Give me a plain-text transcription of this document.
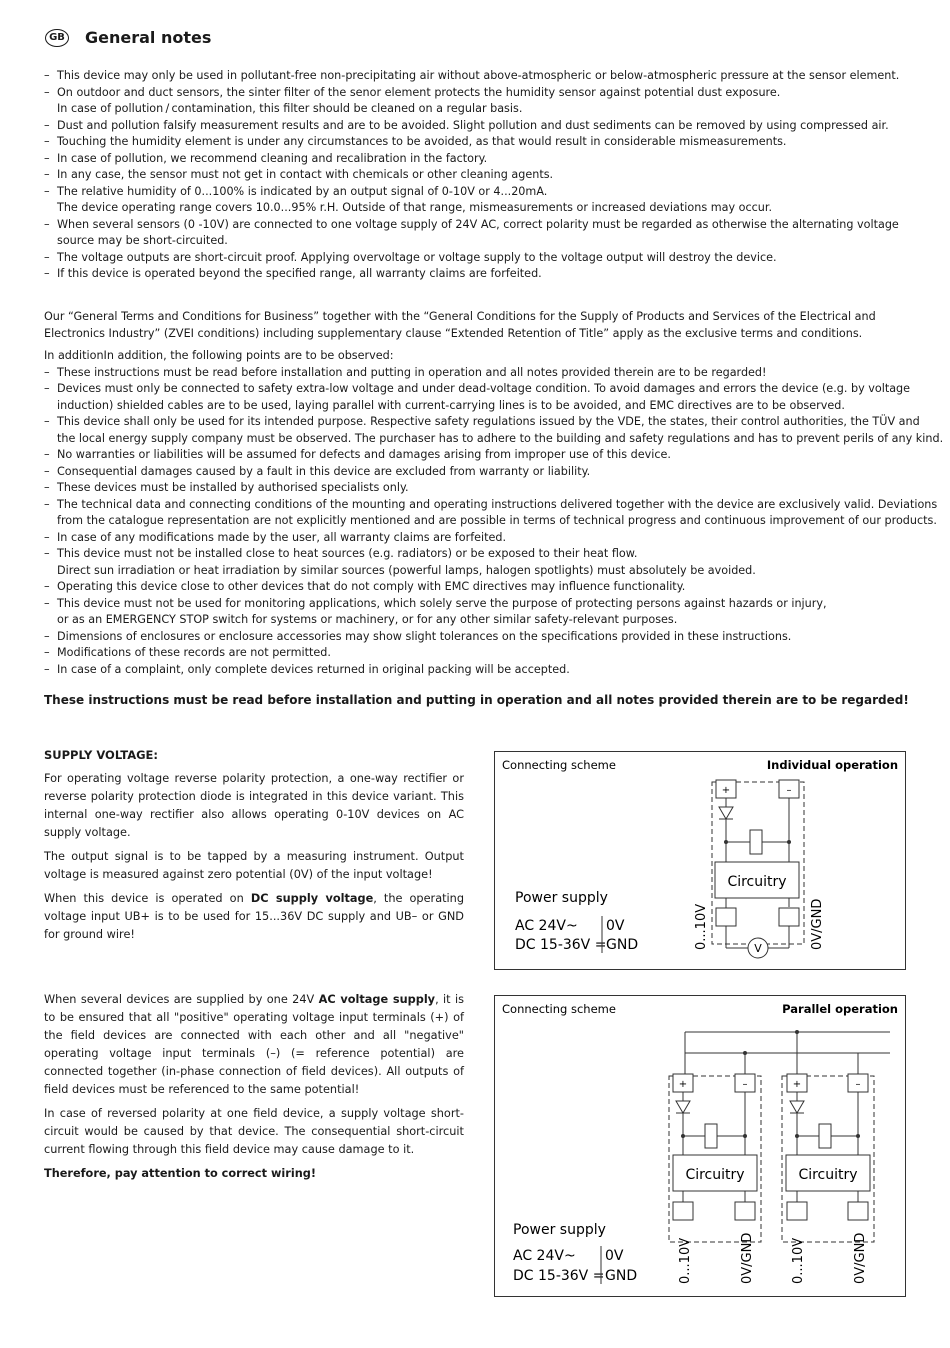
GB General notes
– This device may only be used in pollutant-free non-precipitating air without above-atmospheric or below-atmospheric pressure at the sensor element.
– On outdoor and duct sensors, the sinter filter of the senor element protects the humidity sensor against potential dust exposure.
In case of pollution / contamination, this filter should be cleaned on a regular basis.
– Dust and pollution falsify measurement results and are to be avoided. Slight pollution and dust sediments can be removed by using compressed air.
– Touching the humidity element is under any circumstances to be avoided, as that would result in considerable mismeasurements.
– In case of pollution, we recommend cleaning and recalibration in the factory.
– In any case, the sensor must not get in contact with chemicals or other cleaning agents.
– The relative humidity of 0...100% is indicated by an output signal of 0-10V or 4...20mA.
The device operating range covers 10.0...95% r.H. Outside of that range, mismeasurements or increased deviations may occur.
– When several sensors (0 -10V) are connected to one voltage supply of 24V AC, correct polarity must be regarded as otherwise the alternating voltage
source may be short-circuited.
– The voltage outputs are short-circuit proof. Applying overvoltage or voltage supply to the voltage output will destroy the device.
– If this device is operated beyond the specified range, all warranty claims are forfeited.
Our “General Terms and Conditions for Business” together with the “General Conditions for the Supply of Products and Services of the Electrical and
Electronics Industry” (ZVEI conditions) including supplementary clause “Extended Retention of Title” apply as the exclusive terms and conditions.
In additionIn addition, the following points are to be observed:
– These instructions must be read before installation and putting in operation and all notes provided therein are to be regarded!
– Devices must only be connected to safety extra-low voltage and under dead-voltage condition. To avoid damages and errors the device (e.g. by voltage
induction) shielded cables are to be used, laying parallel with current-carrying lines is to be avoided, and EMC directives are to be observed.
– This device shall only be used for its intended purpose. Respective safety regulations issued by the VDE, the states, their control authorities, the TÜV and
the local energy supply company must be observed. The purchaser has to adhere to the building and safety regulations and has to prevent perils of any kind.
– No warranties or liabilities will be assumed for defects and damages arising from improper use of this device.
– Consequential damages caused by a fault in this device are excluded from warranty or liability.
– These devices must be installed by authorised specialists only.
– The technical data and connecting conditions of the mounting and operating instructions delivered together with the device are exclusively valid. Deviations
from the catalogue representation are not explicitly mentioned and are possible in terms of technical progress and continuous improvement of our products.
– In case of any modifications made by the user, all warranty claims are forfeited.
– This device must not be installed close to heat sources (e.g. radiators) or be exposed to their heat flow.
Direct sun irradiation or heat irradiation by similar sources (powerful lamps, halogen spotlights) must absolutely be avoided.
– Operating this device close to other devices that do not comply with EMC directives may influence functionality.
– This device must not be used for monitoring applications, which solely serve the purpose of protecting persons against hazards or injury,
or as an EMERGENCY STOP switch for systems or machinery, or for any other similar safety-relevant purposes.
– Dimensions of enclosures or enclosure accessories may show slight tolerances on the specifications provided in these instructions.
– Modifications of these records are not permitted.
– In case of a complaint, only complete devices returned in original packing will be accepted.
These instructions must be read before installation and putting in operation and all notes provided therein are to be regarded!
SUPPLY VOLTAGE:

For operating voltage reverse polarity protection, a one-way rectifier or reverse polarity protection diode is integrated in this device variant. This internal one-way rectifier also allows operating 0-10V devices on AC supply voltage.

The output signal is to be tapped by a measuring instrument. Output voltage is measured against zero potential (0V) of the input voltage!

When this device is operated on DC supply voltage, the operating voltage input UB+ is to be used for 15...36V DC supply and UB– or GND for ground wire!

When several devices are supplied by one 24V AC voltage supply, it is to be ensured that all "positive" operating voltage input terminals (+) of the field devices are connected with each other and all "negative" operating voltage input terminals (–) (= reference potential) are connected together (in-phase connection of field devices). All outputs of field devices must be referenced to the same potential!

In case of reversed polarity at one field device, a supply voltage short-circuit would be caused by that device. The consequential short-circuit current flowing through this field device may cause damage to it.

Therefore, pay attention to correct wiring!

Connecting scheme	Individual operation
+	–
Circuitry
V
0...10V	0V/GND
Power supply
AC 24V~
DC 15-36V =
0V
GND
Connecting scheme	Parallel operation
+	–
Circuitry
0...10V	0V/GND
+	–
Circuitry
0...10V	0V/GND
Power supply
AC 24V~
DC 15-36V =
0V
GND
